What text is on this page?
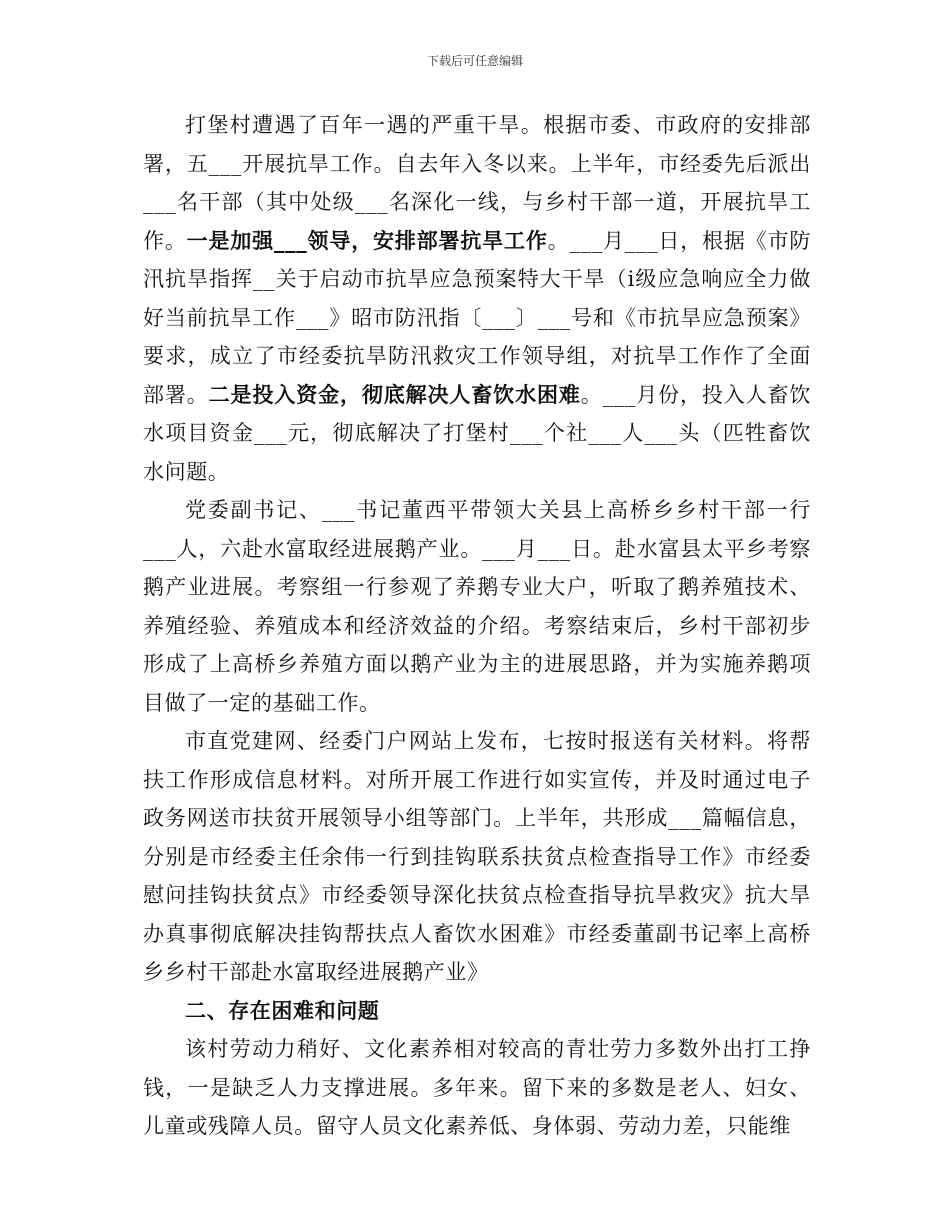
下载后可任意编辑

打堡村遭遇了百年一遇的严重干旱。根据市委、市政府的安排部署，五___开展抗旱工作。自去年入冬以来。上半年，市经委先后派出___名干部（其中处级___名深化一线，与乡村干部一道，开展抗旱工作。一是加强___领导，安排部署抗旱工作。___月___日，根据《市防汛抗旱指挥__关于启动市抗旱应急预案特大干旱（ⅰ级应急响应全力做好当前抗旱工作___》昭市防汛指〔___〕___号和《市抗旱应急预案》要求，成立了市经委抗旱防汛救灾工作领导组，对抗旱工作作了全面部署。二是投入资金，彻底解决人畜饮水困难。___月份，投入人畜饮水项目资金___元，彻底解决了打堡村___个社___人___头（匹牲畜饮水问题。

党委副书记、___书记董西平带领大关县上高桥乡乡村干部一行___人，六赴水富取经进展鹅产业。___月___日。赴水富县太平乡考察鹅产业进展。考察组一行参观了养鹅专业大户，听取了鹅养殖技术、养殖经验、养殖成本和经济效益的介绍。考察结束后，乡村干部初步形成了上高桥乡养殖方面以鹅产业为主的进展思路，并为实施养鹅项目做了一定的基础工作。

市直党建网、经委门户网站上发布，七按时报送有关材料。将帮扶工作形成信息材料。对所开展工作进行如实宣传，并及时通过电子政务网送市扶贫开展领导小组等部门。上半年，共形成___篇幅信息，分别是市经委主任余伟一行到挂钩联系扶贫点检查指导工作》市经委慰问挂钩扶贫点》市经委领导深化扶贫点检查指导抗旱救灾》抗大旱办真事彻底解决挂钩帮扶点人畜饮水困难》市经委董副书记率上高桥乡乡村干部赴水富取经进展鹅产业》

二、存在困难和问题

该村劳动力稍好、文化素养相对较高的青壮劳力多数外出打工挣钱，一是缺乏人力支撑进展。多年来。留下来的多数是老人、妇女、儿童或残障人员。留守人员文化素养低、身体弱、劳动力差，只能维
